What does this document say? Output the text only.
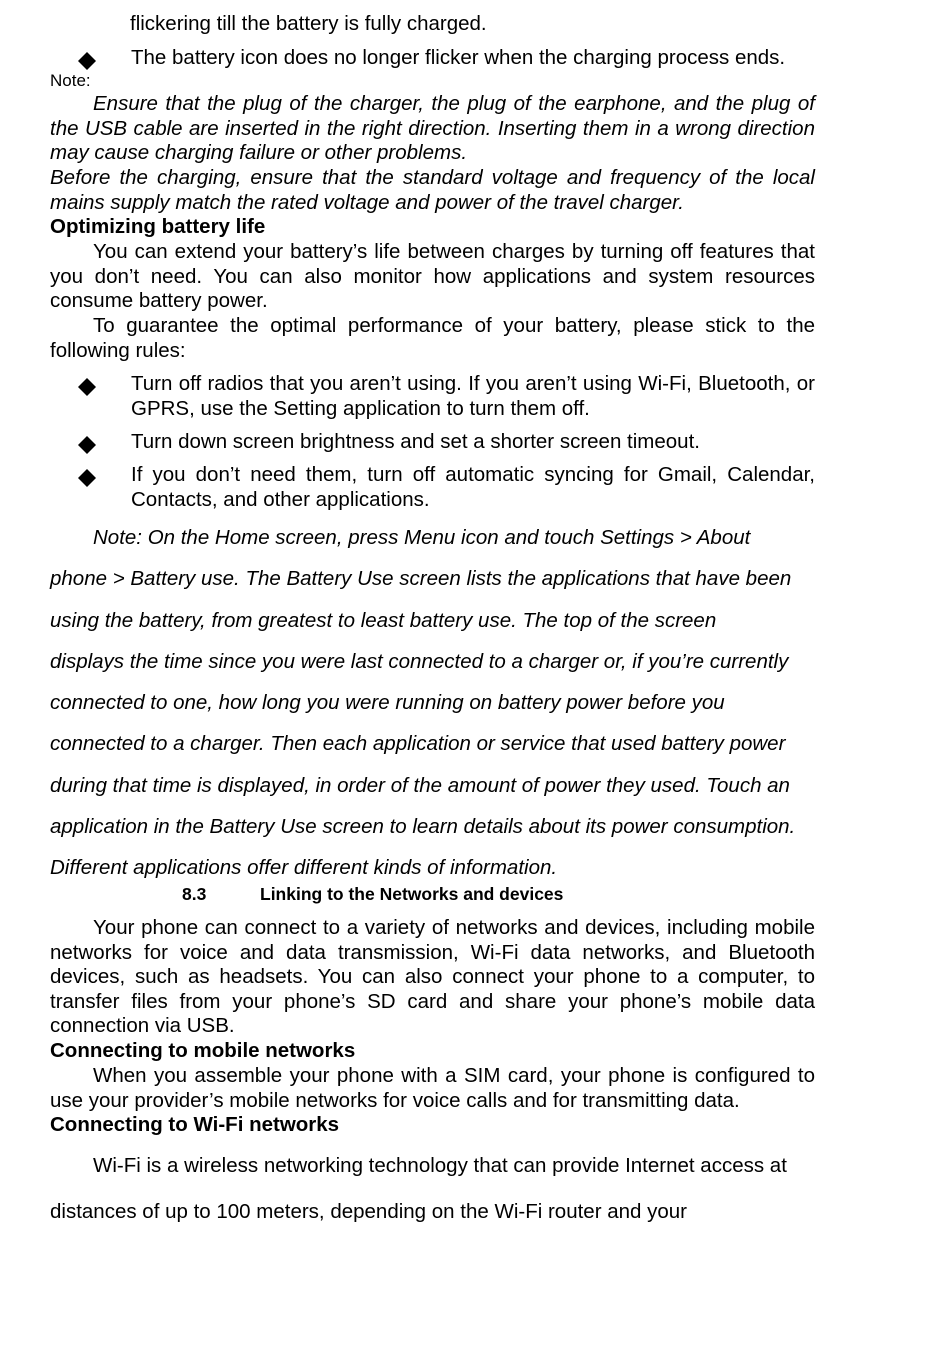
flickering till the battery is fully charged.

The battery icon does no longer flicker when the charging process ends.

Note:

Ensure that the plug of the charger, the plug of the earphone, and the plug of the USB cable are inserted in the right direction. Inserting them in a wrong direction may cause charging failure or other problems.

Before the charging, ensure that the standard voltage and frequency of the local mains supply match the rated voltage and power of the travel charger.

Optimizing battery life

You can extend your battery’s life between charges by turning off features that you don’t need. You can also monitor how applications and system resources consume battery power.

To guarantee the optimal performance of your battery, please stick to the following rules:

Turn off radios that you aren’t using. If you aren’t using Wi-Fi, Bluetooth, or GPRS, use the Setting application to turn them off.

Turn down screen brightness and set a shorter screen timeout.

If you don’t need them, turn off automatic syncing for Gmail, Calendar, Contacts, and other applications.

Note: On the Home screen, press Menu icon and touch Settings > About
phone > Battery use. The Battery Use screen lists the applications that have been
using the battery, from greatest to least battery use. The top of the screen
displays the time since you were last connected to a charger or, if you’re currently
connected to one, how long you were running on battery power before you
connected to a charger. Then each application or service that used battery power
during that time is displayed, in order of the amount of power they used. Touch an
application in the Battery Use screen to learn details about its power consumption.
Different applications offer different kinds of information.
8.3	Linking to the Networks and devices

Your phone can connect to a variety of networks and devices, including mobile networks for voice and data transmission, Wi-Fi data networks, and Bluetooth devices, such as headsets. You can also connect your phone to a computer, to transfer files from your phone’s SD card and share your phone’s mobile data connection via USB.

Connecting to mobile networks

When you assemble your phone with a SIM card, your phone is configured to use your provider’s mobile networks for voice calls and for transmitting data.

Connecting to Wi-Fi networks
Wi-Fi is a wireless networking technology that can provide Internet access at
distances of up to 100 meters, depending on the Wi-Fi router and your
